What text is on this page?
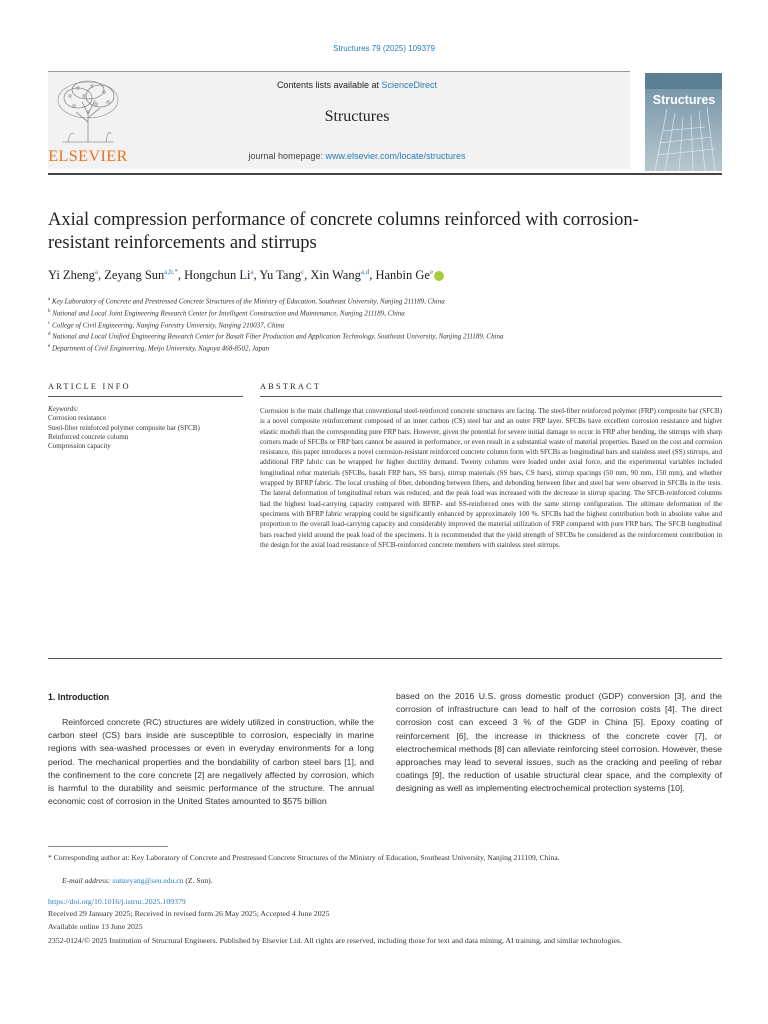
Structures 79 (2025) 109379
Contents lists available at ScienceDirect
Structures
journal homepage: www.elsevier.com/locate/structures
ELSEVIER
Structures
Axial compression performance of concrete columns reinforced with corrosion-resistant reinforcements and stirrups
Yi Zheng$^a$, Zeyang Sun$^{a,b,*}$, Hongchun Li$^a$, Yu Tang$^c$, Xin Wang$^{a,d}$, Hanbin Ge$^e$
$^a$ Key Laboratory of Concrete and Prestressed Concrete Structures of the Ministry of Education, Southeast University, Nanjing 211189, China
$^b$ National and Local Joint Engineering Research Center for Intelligent Construction and Maintenance, Nanjing 211189, China
$^c$ College of Civil Engineering, Nanjing Forestry University, Nanjing 210037, China
$^d$ National and Local Unified Engineering Research Center for Basalt Fiber Production and Application Technology, Southeast University, Nanjing 211189, China
$^e$ Department of Civil Engineering, Meijo University, Nagoya 468-8502, Japan
ARTICLE INFO	ABSTRACT
Keywords:
Corrosion resistance
Steel-fiber reinforced polymer composite bar (SFCB)
Reinforced concrete column
Compression capacity
Corrosion is the main challenge that conventional steel-reinforced concrete structures are facing. The steel-fiber reinforced polymer (FRP) composite bar (SFCB) is a novel composite reinforcement composed of an inner carbon (CS) steel bar and an outer FRP layer. SFCBs have excellent corrosion resistance and higher elastic moduli than the corresponding pure FRP bars. However, given the potential for severe initial damage to occur in FRP after bending, the stirrups with sharp corners made of SFCBs or FRP bars cannot be assured in performance, or even result in a substantial waste of material properties. Based on the cost and corrosion resistance, this paper introduces a novel corrosion-resistant reinforced concrete column form with SFCBs as longitudinal bars and stainless steel (SS) stirrups, and additional FRP fabric can be wrapped for higher ductility demand. Twenty columns were loaded under axial force, and the experimental variables included longitudinal rebar materials (SFCBs, basalt FRP bars, SS bars), stirrup materials (SS bars, CS bars), stirrup spacings (50 mm, 90 mm, 150 mm), and whether wrapped by BFRP fabric. The local crushing of fiber, debonding between fibers, and debonding between fiber and steel bar were observed in SFCBs in the tests. The lateral deformation of longitudinal rebars was reduced, and the peak load was increased with the decrease in stirrup spacing. The SFCB-reinforced columns had the highest load-carrying capacity compared with BFRP- and SS-reinforced ones with the same stirrup configuration. The ultimate deformation of the specimens with BFRP fabric wrapping could be significantly enhanced by approximately 100 %. SFCBs had the highest contribution both in absolute value and proportion to the overall load-carrying capacity and considerably improved the material utilization of FRP compared with pure FRP bars. The SFCB longitudinal bars reached yield around the peak load of the specimens. It is recommended that the yield strength of SFCBs be considered as the reinforcement contribution in the design for the axial load resistance of SFCB-reinforced concrete members with stainless steel stirrups.
1. Introduction
Reinforced concrete (RC) structures are widely utilized in construction, while the carbon steel (CS) bars inside are susceptible to corrosion, especially in marine regions with sea-washed processes or even in everyday environments for a long period. The mechanical properties and the bondability of carbon steel bars [1], and the confinement to the core concrete [2] are negatively affected by corrosion, which is harmful to the durability and seismic performance of the structure. The annual economic cost of corrosion in the United States amounted to $575 billion
based on the 2016 U.S. gross domestic product (GDP) conversion [3], and the corrosion of infrastructure can lead to half of the corrosion costs [4]. The direct corrosion cost can exceed 3 % of the GDP in China [5]. Epoxy coating of reinforcement [6], the increase in thickness of the concrete cover [7], or electrochemical methods [8] can alleviate reinforcing steel corrosion. However, these approaches may lead to several issues, such as the cracking and peeling of rebar coatings [9], the reduction of usable structural clear space, and the complexity of designing as well as implementing electrochemical protection systems [10].
* Corresponding author at: Key Laboratory of Concrete and Prestressed Concrete Structures of the Ministry of Education, Southeast University, Nanjing 211109, China.
E-mail address: sunzeyang@seu.edu.cn (Z. Sun).
https://doi.org/10.1016/j.istruc.2025.109379
Received 29 January 2025; Received in revised form 26 May 2025; Accepted 4 June 2025
Available online 13 June 2025
2352-0124/© 2025 Institution of Structural Engineers. Published by Elsevier Ltd. All rights are reserved, including those for text and data mining, AI training, and similar technologies.
